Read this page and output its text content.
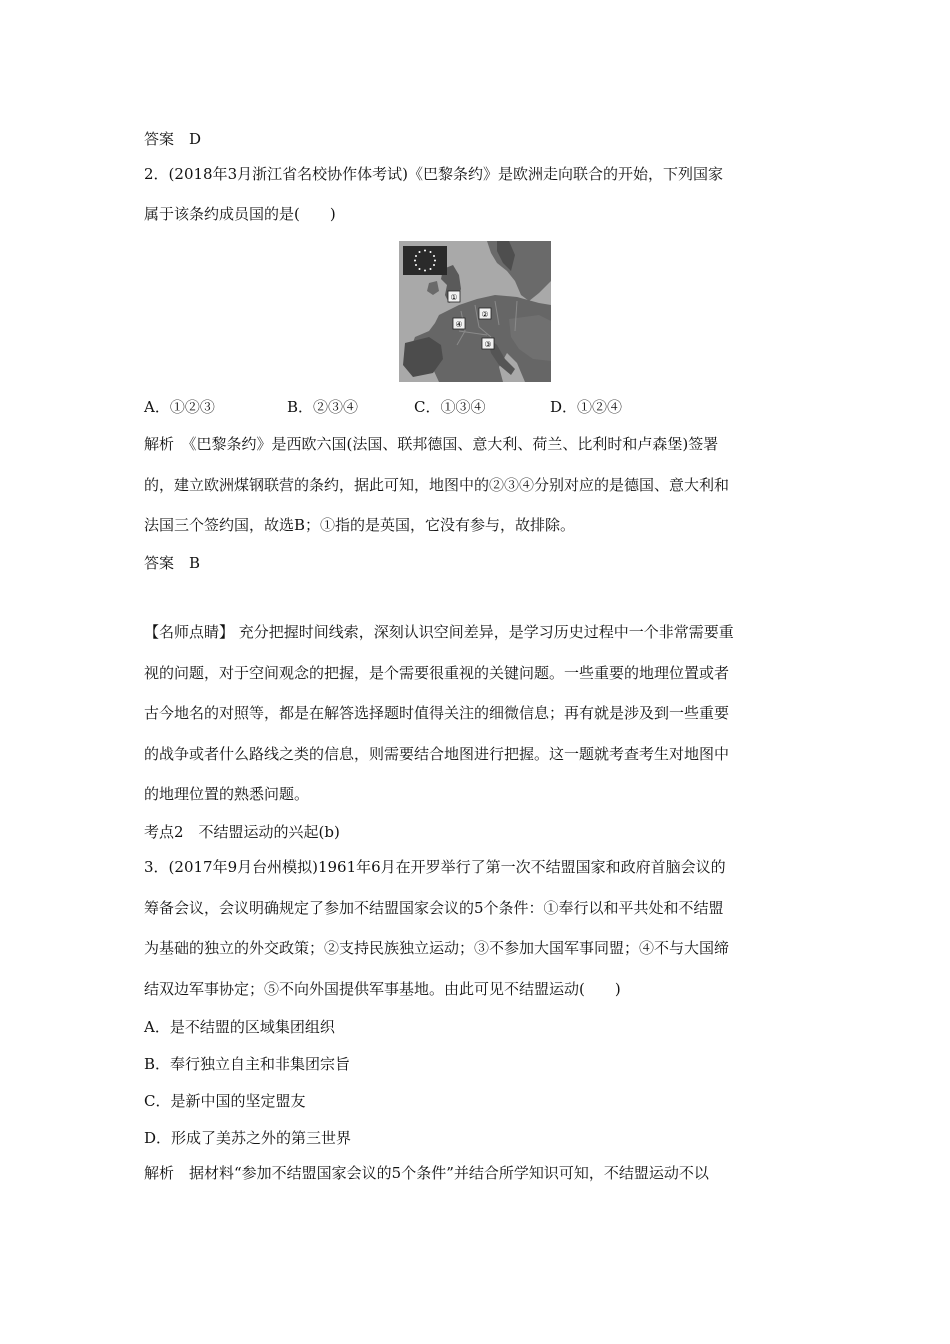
答案　D
2．(2018年3月浙江省名校协作体考试)《巴黎条约》是欧洲走向联合的开始，下列国家
属于该条约成员国的是(　　)
①
②
③
④
A．①②③	B．②③④	C．①③④	D．①②④
解析　《巴黎条约》是西欧六国(法国、联邦德国、意大利、荷兰、比利时和卢森堡)签署
的，建立欧洲煤钢联营的条约，据此可知，地图中的②③④分别对应的是德国、意大利和
法国三个签约国，故选B；①指的是英国，它没有参与，故排除。
答案　B
【名师点睛】 充分把握时间线索，深刻认识空间差异，是学习历史过程中一个非常需要重
视的问题，对于空间观念的把握，是个需要很重视的关键问题。一些重要的地理位置或者
古今地名的对照等，都是在解答选择题时值得关注的细微信息；再有就是涉及到一些重要
的战争或者什么路线之类的信息，则需要结合地图进行把握。这一题就考查考生对地图中
的地理位置的熟悉问题。
考点2　不结盟运动的兴起(b)
3．(2017年9月台州模拟)1961年6月在开罗举行了第一次不结盟国家和政府首脑会议的
筹备会议，会议明确规定了参加不结盟国家会议的5个条件：①奉行以和平共处和不结盟
为基础的独立的外交政策；②支持民族独立运动；③不参加大国军事同盟；④不与大国缔
结双边军事协定；⑤不向外国提供军事基地。由此可见不结盟运动(　　)
A．是不结盟的区域集团组织
B．奉行独立自主和非集团宗旨
C．是新中国的坚定盟友
D．形成了美苏之外的第三世界
解析　据材料“参加不结盟国家会议的5个条件”并结合所学知识可知，不结盟运动不以
